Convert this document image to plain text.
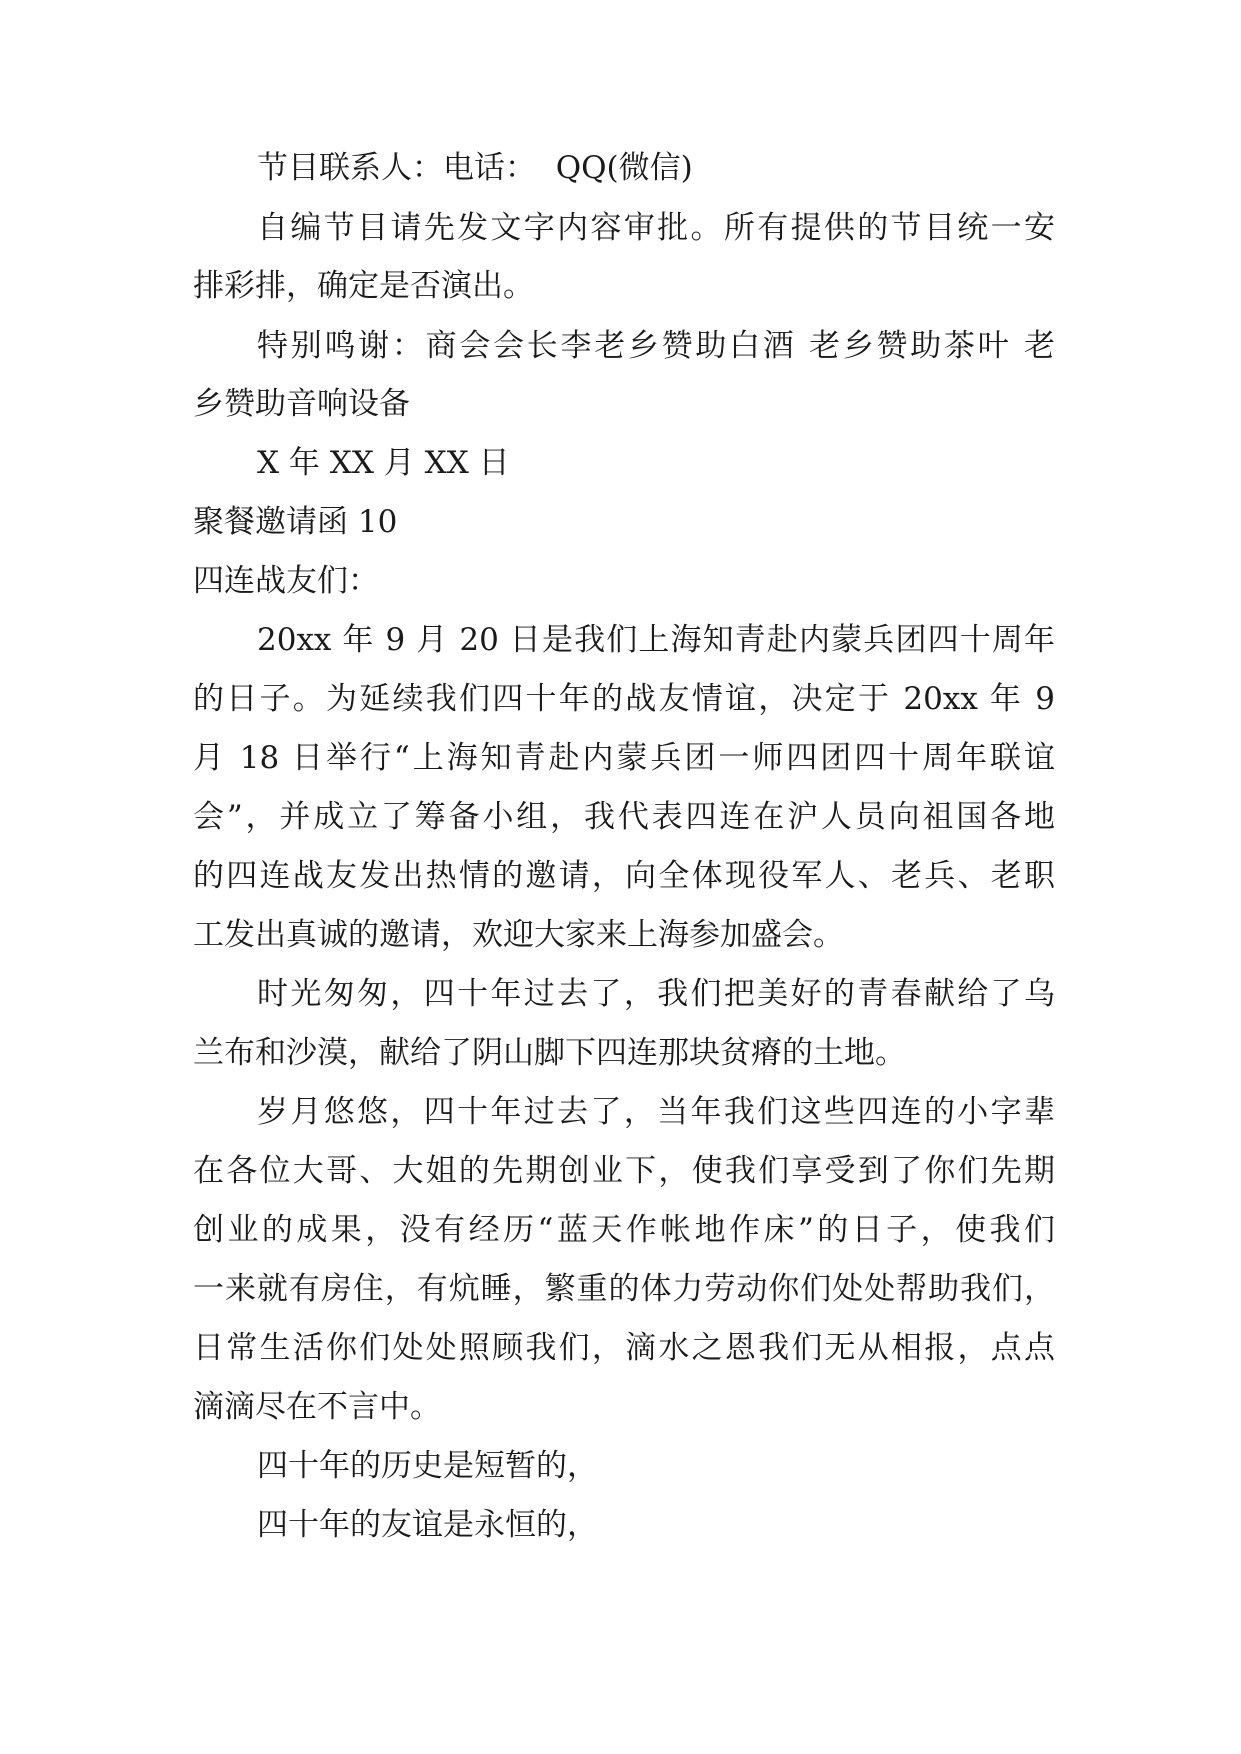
节目联系人：电话：  QQ(微信)
自编节目请先发文字内容审批。所有提供的节目统一安
排彩排，确定是否演出。
特别鸣谢：商会会长李老乡赞助白酒 老乡赞助茶叶 老
乡赞助音响设备
X 年 XX 月 XX 日
聚餐邀请函 10
四连战友们：
20xx 年 9 月 20 日是我们上海知青赴内蒙兵团四十周年
的日子。为延续我们四十年的战友情谊，决定于 20xx 年 9
月 18 日举行“上海知青赴内蒙兵团一师四团四十周年联谊
会”，并成立了筹备小组，我代表四连在沪人员向祖国各地
的四连战友发出热情的邀请，向全体现役军人、老兵、老职
工发出真诚的邀请，欢迎大家来上海参加盛会。
时光匆匆，四十年过去了，我们把美好的青春献给了乌
兰布和沙漠，献给了阴山脚下四连那块贫瘠的土地。
岁月悠悠，四十年过去了，当年我们这些四连的小字辈
在各位大哥、大姐的先期创业下，使我们享受到了你们先期
创业的成果，没有经历“蓝天作帐地作床”的日子，使我们
一来就有房住，有炕睡，繁重的体力劳动你们处处帮助我们，
日常生活你们处处照顾我们，滴水之恩我们无从相报，点点
滴滴尽在不言中。
四十年的历史是短暂的，
四十年的友谊是永恒的，
